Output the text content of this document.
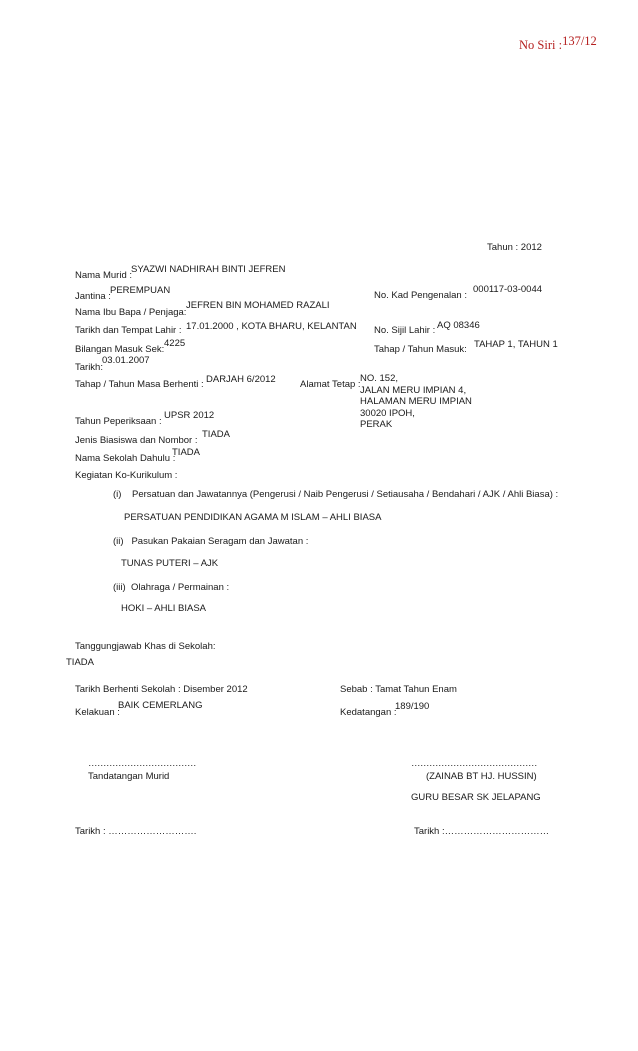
No Siri :137/12
Tahun : 2012
Nama Murid :
SYAZWI NADHIRAH BINTI JEFREN
Jantina :
PEREMPUAN	No. Kad Pengenalan :
000117-03-0044
Nama Ibu Bapa / Penjaga:
JEFREN BIN MOHAMED RAZALI
Tarikh dan Tempat Lahir : 17.01.2000 , KOTA BHARU, KELANTAN No. Sijil Lahir : AQ 08346
Bilangan Masuk Sek:
4225
Tahap / Tahun Masuk: TAHAP 1, TAHUN 1
Tarikh:
03.01.2007
Tahap / Tahun Masa Berhenti : DARJAH 6/2012	Alamat Tetap :
NO. 152,
JALAN MERU IMPIAN 4,
HALAMAN MERU IMPIAN
30020 IPOH,
PERAK
Tahun Peperiksaan :
UPSR 2012
Jenis Biasiswa dan Nombor :
TIADA
Nama Sekolah Dahulu :
TIADA
Kegiatan Ko-Kurikulum :
(i)    Persatuan dan Jawatannya (Pengerusi / Naib Pengerusi / Setiausaha / Bendahari / AJK / Ahli Biasa) :
PERSATUAN PENDIDIKAN AGAMA M ISLAM – AHLI BIASA
(ii)   Pasukan Pakaian Seragam dan Jawatan :
TUNAS PUTERI – AJK
(iii)  Olahraga / Permainan :
HOKI – AHLI BIASA
Tanggungjawab Khas di Sekolah:
TIADA
Tarikh Berhenti Sekolah : Disember 2012	Sebab : Tamat Tahun Enam
Kelakuan :
BAIK CEMERLANG
Kedatangan :
189/190
………………………………
Tandatangan Murid
……………………………………
(ZAINAB BT HJ. HUSSIN)
GURU BESAR SK JELAPANG
Tarikh : ……………………….	Tarikh :……………………………
